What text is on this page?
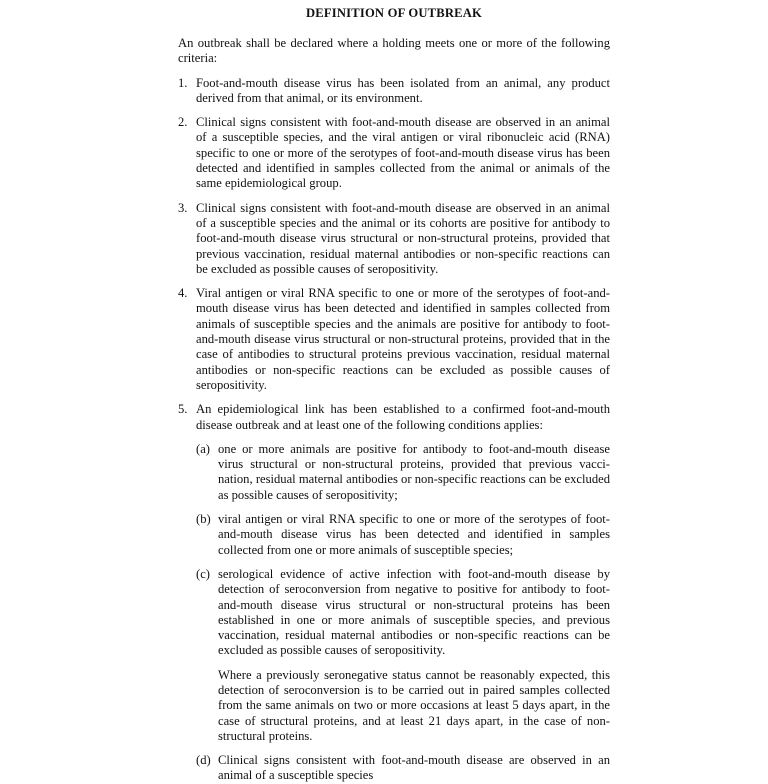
DEFINITION OF OUTBREAK

An outbreak shall be declared where a holding meets one or more of the following criteria:

1. Foot-and-mouth disease virus has been isolated from an animal, any product derived from that animal, or its environment.

2. Clinical signs consistent with foot-and-mouth disease are observed in an animal of a susceptible species, and the viral antigen or viral ribonucleic acid (RNA) specific to one or more of the serotypes of foot-and-mouth disease virus has been detected and identified in samples collected from the animal or animals of the same epidemiological group.

3. Clinical signs consistent with foot-and-mouth disease are observed in an animal of a susceptible species and the animal or its cohorts are positive for antibody to foot-and-mouth disease virus structural or non-structural proteins, provided that previous vaccination, residual maternal antibodies or non-specific reactions can be excluded as possible causes of seropositivity.

4. Viral antigen or viral RNA specific to one or more of the serotypes of foot-and-mouth disease virus has been detected and identified in samples collected from animals of susceptible species and the animals are positive for antibody to foot-and-mouth disease virus structural or non-structural proteins, provided that in the case of antibodies to structural proteins previous vaccination, residual maternal antibodies or non-specific reactions can be excluded as possible causes of seropositivity.

5. An epidemiological link has been established to a confirmed foot-and-mouth disease outbreak and at least one of the following conditions applies:

(a) one or more animals are positive for antibody to foot-and-mouth disease virus structural or non-structural proteins, provided that previous vacci-nation, residual maternal antibodies or non-specific reactions can be excluded as possible causes of seropositivity;

(b) viral antigen or viral RNA specific to one or more of the serotypes of foot-and-mouth disease virus has been detected and identified in samples collected from one or more animals of susceptible species;

(c) serological evidence of active infection with foot-and-mouth disease by detection of seroconversion from negative to positive for antibody to foot-and-mouth disease virus structural or non-structural proteins has been established in one or more animals of susceptible species, and previous vaccination, residual maternal antibodies or non-specific reactions can be excluded as possible causes of seropositivity.

Where a previously seronegative status cannot be reasonably expected, this detection of seroconversion is to be carried out in paired samples collected from the same animals on two or more occasions at least 5 days apart, in the case of structural proteins, and at least 21 days apart, in the case of non-structural proteins.

(d) Clinical signs consistent with foot-and-mouth disease are observed in an animal of a susceptible species
